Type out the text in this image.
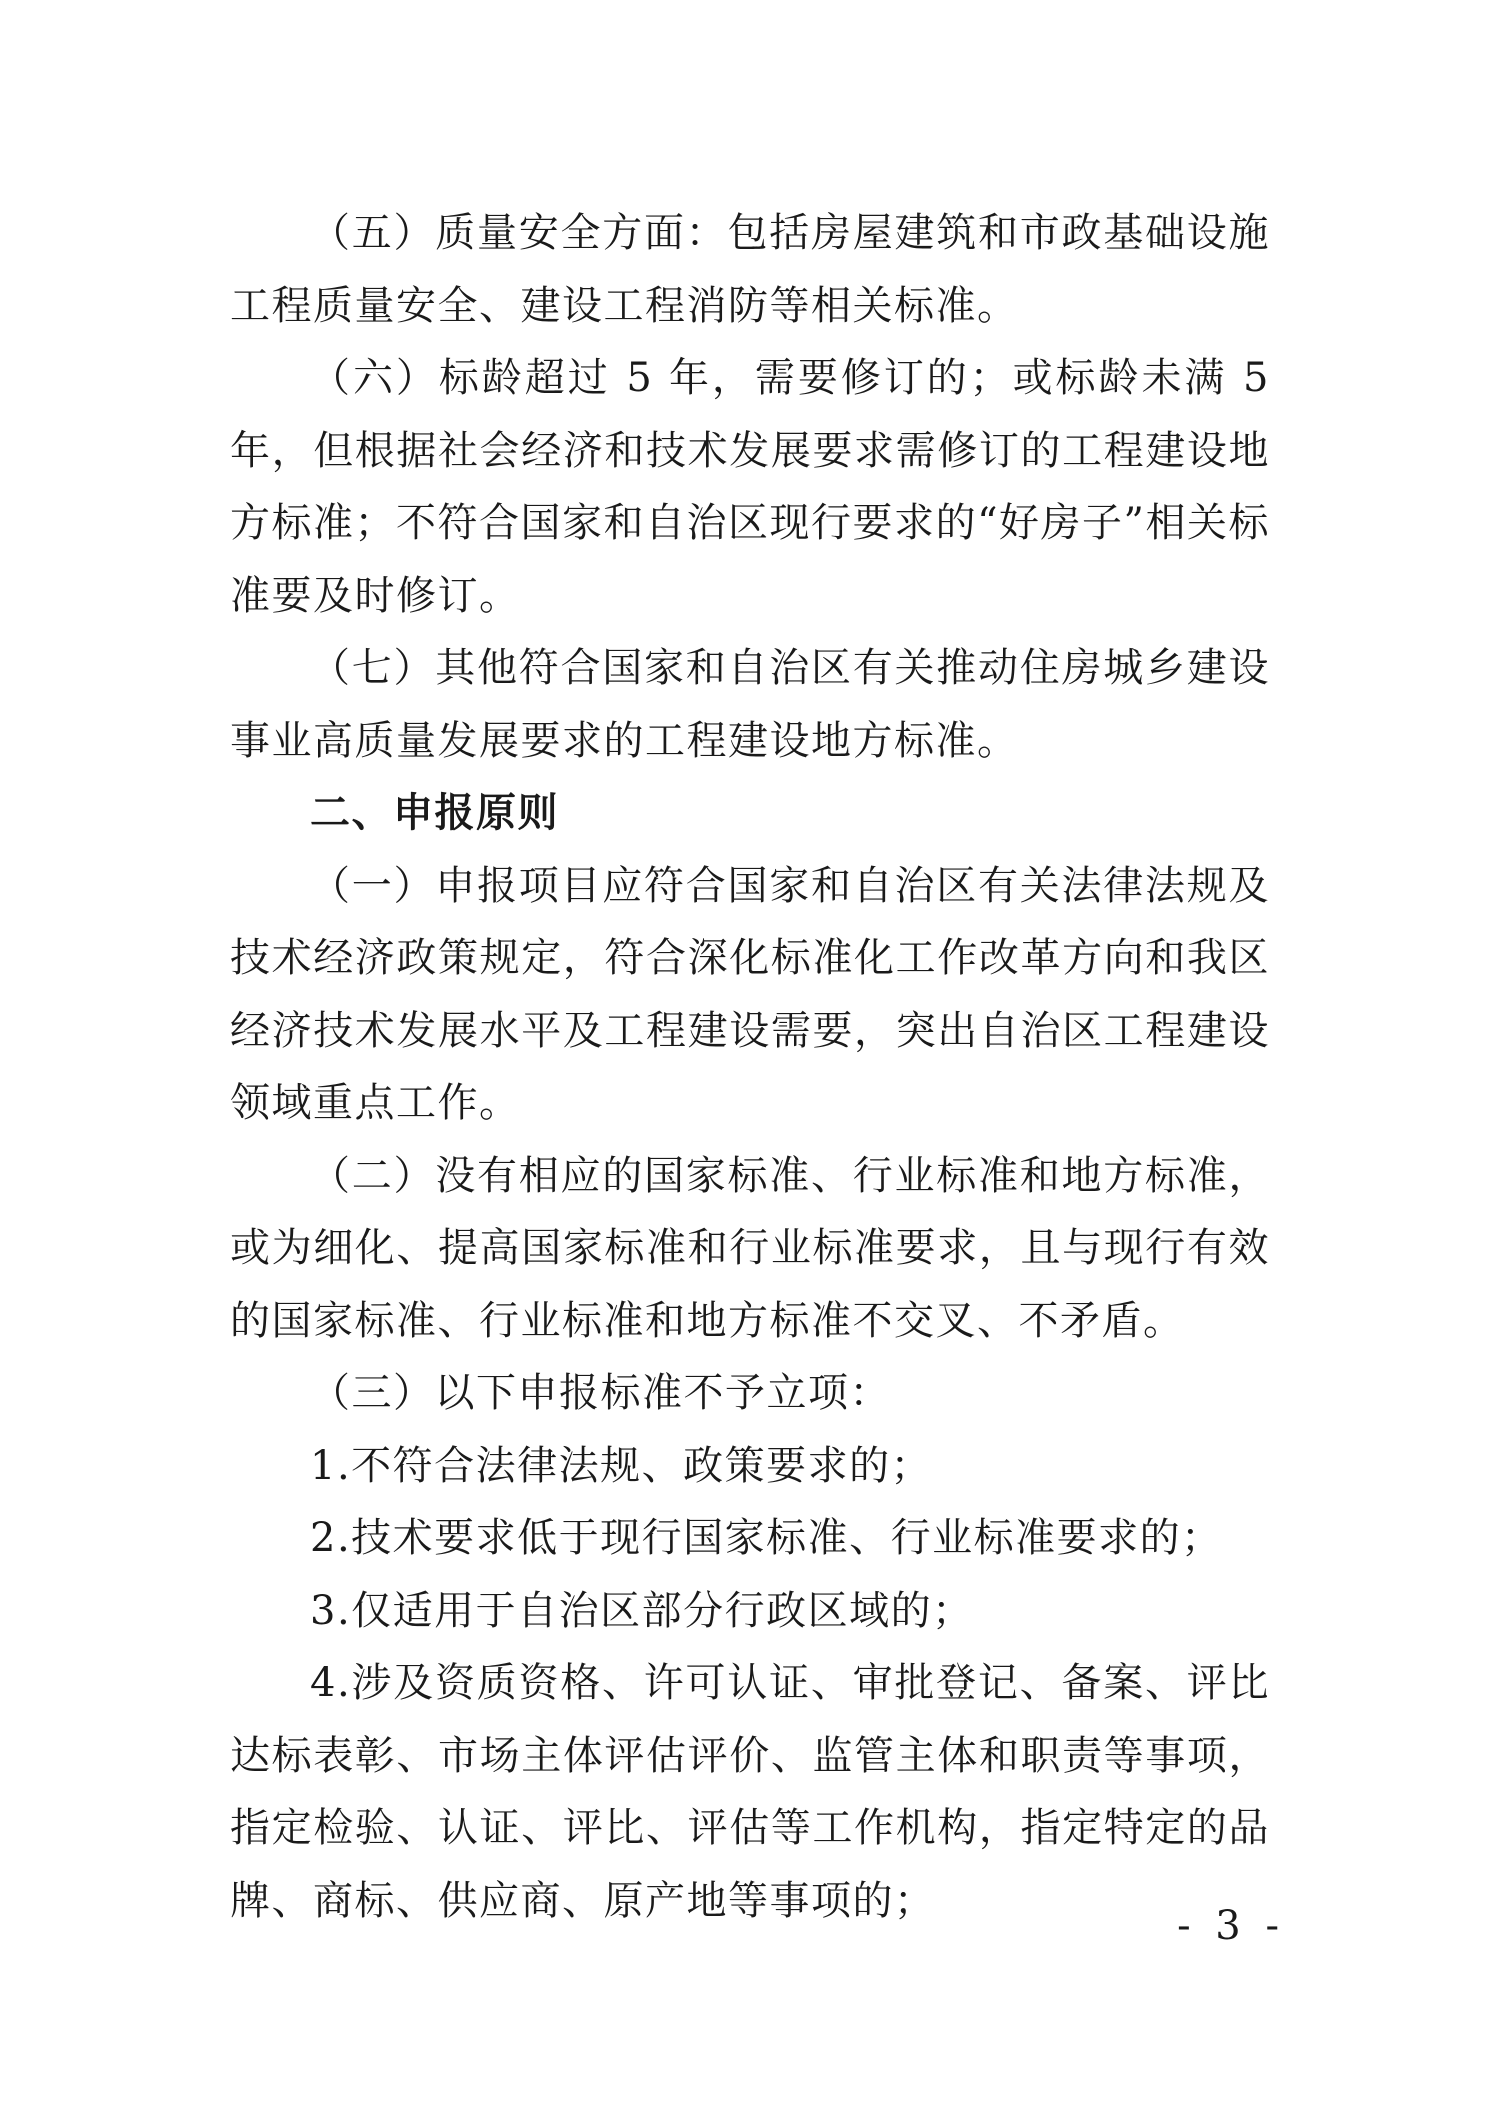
（五）质量安全方面：包括房屋建筑和市政基础设施工程质量安全、建设工程消防等相关标准。

（六）标龄超过 5 年，需要修订的；或标龄未满 5 年，但根据社会经济和技术发展要求需修订的工程建设地方标准；不符合国家和自治区现行要求的“好房子”相关标准要及时修订。

（七）其他符合国家和自治区有关推动住房城乡建设事业高质量发展要求的工程建设地方标准。

二、申报原则

（一）申报项目应符合国家和自治区有关法律法规及技术经济政策规定，符合深化标准化工作改革方向和我区经济技术发展水平及工程建设需要，突出自治区工程建设领域重点工作。

（二）没有相应的国家标准、行业标准和地方标准，或为细化、提高国家标准和行业标准要求，且与现行有效的国家标准、行业标准和地方标准不交叉、不矛盾。

（三）以下申报标准不予立项：

1.不符合法律法规、政策要求的；

2.技术要求低于现行国家标准、行业标准要求的；

3.仅适用于自治区部分行政区域的；

4.涉及资质资格、许可认证、审批登记、备案、评比达标表彰、市场主体评估评价、监管主体和职责等事项，指定检验、认证、评比、评估等工作机构，指定特定的品牌、商标、供应商、原产地等事项的；

- 3 -
